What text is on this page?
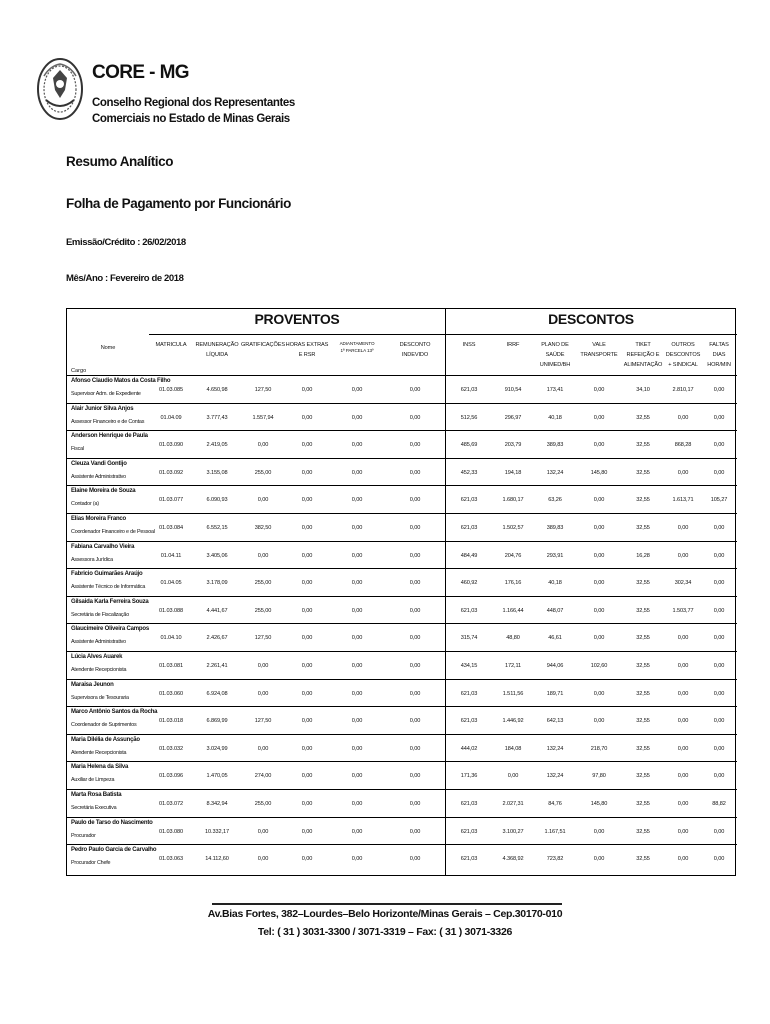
CORE - MG
Conselho Regional dos Representantes
Comerciais no Estado de Minas Gerais
Resumo Analítico
Folha de Pagamento por Funcionário
Emissão/Crédito : 26/02/2018
Mês/Ano : Fevereiro de 2018
PROVENTOS	DESCONTOS
Nome
Cargo
MATRICULA	REMUNERAÇÃO
LÍQUIDA
GRATIFICAÇÕES HORAS EXTRAS
E RSR
ADIANTAMENTO
1ª PARCELA 13º
DESCONTO
INDEVIDO
INSS	IRRF	PLANO DE
SAÚDE
UNIMED/BH
VALE
TRANSPORTE
TIKET
REFEIÇÃO E
ALIMENTAÇÃO
OUTROS
DESCONTOS
+ SINDICAL
FALTAS
DIAS
HOR/MIN
Afonso Claudio Matos da Costa Filho
Supervisor Adm. de Expediente
01.03.085	4.650,98	127,50	0,00	0,00	0,00	621,03	910,54	173,41	0,00	34,10	2.810,17	0,00
Alair Junior Silva Anjos
Assessor Financeiro e de Contas
01.04.09	3.777,43	1.557,94	0,00	0,00	0,00	512,56	296,97	40,18	0,00	32,55	0,00	0,00
Anderson Henrique de Paula
Fiscal
01.03.090	2.419,05	0,00	0,00	0,00	0,00	485,69	203,79	389,83	0,00	32,55	868,28	0,00
Cleuza Vandi Gontijo
Assistente Administrativo
01.03.092	3.155,08	255,00	0,00	0,00	0,00	452,33	194,18	132,24	145,80	32,55	0,00	0,00
Elaine Moreira de Souza
Contador (a)
01.03.077	6.090,93	0,00	0,00	0,00	0,00	621,03	1.680,17	63,26	0,00	32,55	1.613,71	105,27
Elias Moreira Franco
Coordenador Financeiro e de Pessoal
01.03.084	6.552,15	382,50	0,00	0,00	0,00	621,03	1.502,57	389,83	0,00	32,55	0,00	0,00
Fabiana Carvalho Vieira
Assessora Jurídica
01.04.11	3.405,06	0,00	0,00	0,00	0,00	484,49	204,76	293,91	0,00	16,28	0,00	0,00
Fabricio Guimarães Araújo
Assistente Técnico de Informática
01.04.05	3.178,09	255,00	0,00	0,00	0,00	460,92	176,16	40,18	0,00	32,55	302,34	0,00
Gilsaida Karla Ferreira Souza
Secretária de Fiscalização
01.03.088	4.441,67	255,00	0,00	0,00	0,00	621,03	1.166,44	448,07	0,00	32,55	1.503,77	0,00
Glaucimeire Oliveira Campos
Assistente Administrativo
01.04.10	2.426,67	127,50	0,00	0,00	0,00	315,74	48,80	46,61	0,00	32,55	0,00	0,00
Lúcia Alves Auarek
Atendente Recepcionista
01.03.081	2.261,41	0,00	0,00	0,00	0,00	434,15	172,11	944,06	102,60	32,55	0,00	0,00
Maraisa Jeunon
Supervisora de Tesouraria
01.03.060	6.924,08	0,00	0,00	0,00	0,00	621,03	1.511,56	189,71	0,00	32,55	0,00	0,00
Marco Antônio Santos da Rocha
Coordenador de Suprimentos
01.03.018	6.869,99	127,50	0,00	0,00	0,00	621,03	1.446,92	642,13	0,00	32,55	0,00	0,00
Maria Dilélia de Assunção
Atendente Recepcionista
01.03.032	3.024,99	0,00	0,00	0,00	0,00	444,02	184,08	132,24	218,70	32,55	0,00	0,00
Maria Helena da Silva
Auxiliar de Limpeza
01.03.096	1.470,05	274,00	0,00	0,00	0,00	171,36	0,00	132,24	97,80	32,55	0,00	0,00
Marta Rosa Batista
Secretária Executiva
01.03.072	8.342,94	255,00	0,00	0,00	0,00	621,03	2.027,31	84,76	145,80	32,55	0,00	88,82
Paulo de Tarso do Nascimento
Procurador
01.03.080	10.332,17	0,00	0,00	0,00	0,00	621,03	3.100,27	1.167,51	0,00	32,55	0,00	0,00
Pedro Paulo Garcia de Carvalho
Procurador Chefe
01.03.063	14.112,60	0,00	0,00	0,00	0,00	621,03	4.368,92	723,82	0,00	32,55	0,00	0,00
Av.Bias Fortes, 382–Lourdes–Belo Horizonte/Minas Gerais – Cep.30170-010
Tel: ( 31 ) 3031-3300 / 3071-3319 – Fax: ( 31 ) 3071-3326
